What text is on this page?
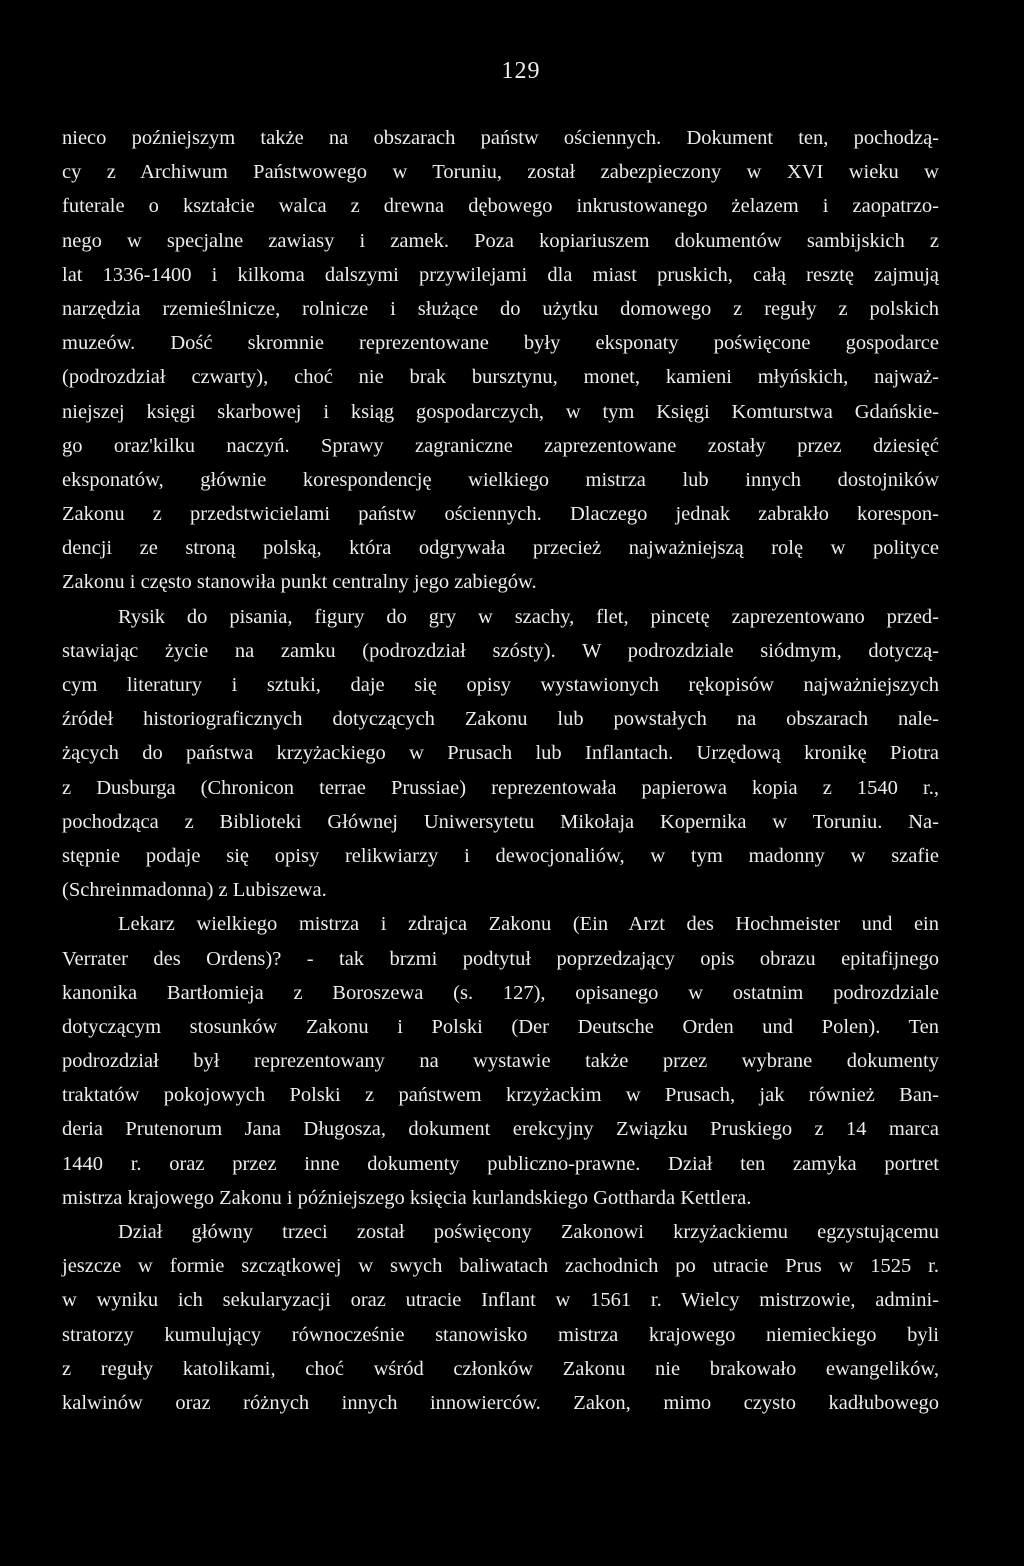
129
nieco poźniejszym także na obszarach państw ościennych. Dokument ten, pochodzą-
cy z Archiwum Państwowego w Toruniu, został zabezpieczony w XVI wieku w
futerale o kształcie walca z drewna dębowego inkrustowanego żelazem i zaopatrzo-
nego w specjalne zawiasy i zamek. Poza kopiariuszem dokumentów sambijskich z
lat 1336-1400 i kilkoma dalszymi przywilejami dla miast pruskich, całą resztę zajmują
narzędzia rzemieślnicze, rolnicze i służące do użytku domowego z reguły z polskich
muzeów. Dość skromnie reprezentowane były eksponaty poświęcone gospodarce
(podrozdział czwarty), choć nie brak bursztynu, monet, kamieni młyńskich, najważ-
niejszej księgi skarbowej i ksiąg gospodarczych, w tym Księgi Komturstwa Gdańskie-
go oraz'kilku naczyń. Sprawy zagraniczne zaprezentowane zostały przez dziesięć
eksponatów, głównie korespondencję wielkiego mistrza lub innych dostojników
Zakonu z przedstwicielami państw ościennych. Dlaczego jednak zabrakło korespon-
dencji ze stroną polską, która odgrywała przecież najważniejszą rolę w polityce
Zakonu i często stanowiła punkt centralny jego zabiegów.
Rysik do pisania, figury do gry w szachy, flet, pincetę zaprezentowano przed-
stawiając życie na zamku (podrozdział szósty). W podrozdziale siódmym, dotyczą-
cym literatury i sztuki, daje się opisy wystawionych rękopisów najważniejszych
źródeł historiograficznych dotyczących Zakonu lub powstałych na obszarach nale-
żących do państwa krzyżackiego w Prusach lub Inflantach. Urzędową kronikę Piotra
z Dusburga (Chronicon terrae Prussiae) reprezentowała papierowa kopia z 1540 r.,
pochodząca z Biblioteki Głównej Uniwersytetu Mikołaja Kopernika w Toruniu. Na-
stępnie podaje się opisy relikwiarzy i dewocjonaliów, w tym madonny w szafie
(Schreinmadonna) z Lubiszewa.
Lekarz wielkiego mistrza i zdrajca Zakonu (Ein Arzt des Hochmeister und ein
Verrater des Ordens)? - tak brzmi podtytuł poprzedzający opis obrazu epitafijnego
kanonika Bartłomieja z Boroszewa (s. 127), opisanego w ostatnim podrozdziale
dotyczącym stosunków Zakonu i Polski (Der Deutsche Orden und Polen). Ten
podrozdział był reprezentowany na wystawie także przez wybrane dokumenty
traktatów pokojowych Polski z państwem krzyżackim w Prusach, jak również Ban-
deria Prutenorum Jana Długosza, dokument erekcyjny Związku Pruskiego z 14 marca
1440 r. oraz przez inne dokumenty publiczno-prawne. Dział ten zamyka portret
mistrza krajowego Zakonu i późniejszego księcia kurlandskiego Gottharda Kettlera.
Dział główny trzeci został poświęcony Zakonowi krzyżackiemu egzystującemu
jeszcze w formie szczątkowej w swych baliwatach zachodnich po utracie Prus w 1525 r.
w wyniku ich sekularyzacji oraz utracie Inflant w 1561 r. Wielcy mistrzowie, admini-
stratorzy kumulujący równocześnie stanowisko mistrza krajowego niemieckiego byli
z reguły katolikami, choć wśród członków Zakonu nie brakowało ewangelików,
kalwinów oraz różnych innych innowierców. Zakon, mimo czysto kadłubowego
